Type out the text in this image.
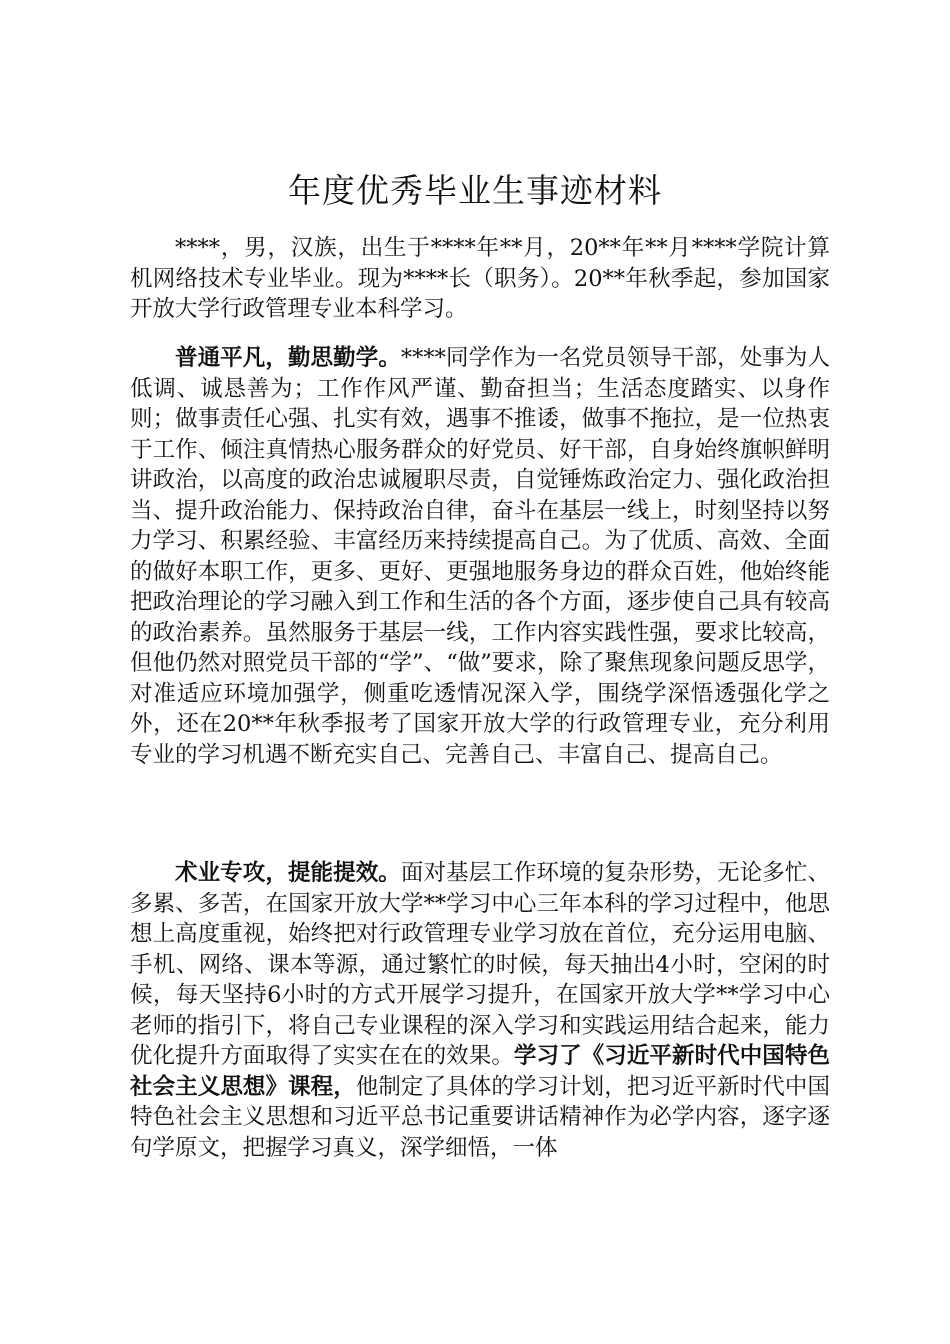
年度优秀毕业生事迹材料

****，男，汉族，出生于****年**月，20**年**月****学院计算机网络技术专业毕业。现为****长（职务）。20**年秋季起，参加国家开放大学行政管理专业本科学习。

普通平凡，勤思勤学。****同学作为一名党员领导干部，处事为人低调、诚恳善为；工作作风严谨、勤奋担当；生活态度踏实、以身作则；做事责任心强、扎实有效，遇事不推诿，做事不拖拉，是一位热衷于工作、倾注真情热心服务群众的好党员、好干部，自身始终旗帜鲜明讲政治，以高度的政治忠诚履职尽责，自觉锤炼政治定力、强化政治担当、提升政治能力、保持政治自律，奋斗在基层一线上，时刻坚持以努力学习、积累经验、丰富经历来持续提高自己。为了优质、高效、全面的做好本职工作，更多、更好、更强地服务身边的群众百姓，他始终能把政治理论的学习融入到工作和生活的各个方面，逐步使自己具有较高的政治素养。虽然服务于基层一线，工作内容实践性强，要求比较高，但他仍然对照党员干部的“学”、“做”要求，除了聚焦现象问题反思学，对准适应环境加强学，侧重吃透情况深入学，围绕学深悟透强化学之外，还在20**年秋季报考了国家开放大学的行政管理专业，充分利用专业的学习机遇不断充实自己、完善自己、丰富自己、提高自己。

术业专攻，提能提效。面对基层工作环境的复杂形势，无论多忙、多累、多苦，在国家开放大学**学习中心三年本科的学习过程中，他思想上高度重视，始终把对行政管理专业学习放在首位，充分运用电脑、手机、网络、课本等源，通过繁忙的时候，每天抽出4小时，空闲的时候，每天坚持6小时的方式开展学习提升，在国家开放大学**学习中心老师的指引下，将自己专业课程的深入学习和实践运用结合起来，能力优化提升方面取得了实实在在的效果。学习了《习近平新时代中国特色社会主义思想》课程，他制定了具体的学习计划，把习近平新时代中国特色社会主义思想和习近平总书记重要讲话精神作为必学内容，逐字逐句学原文，把握学习真义，深学细悟，一体
